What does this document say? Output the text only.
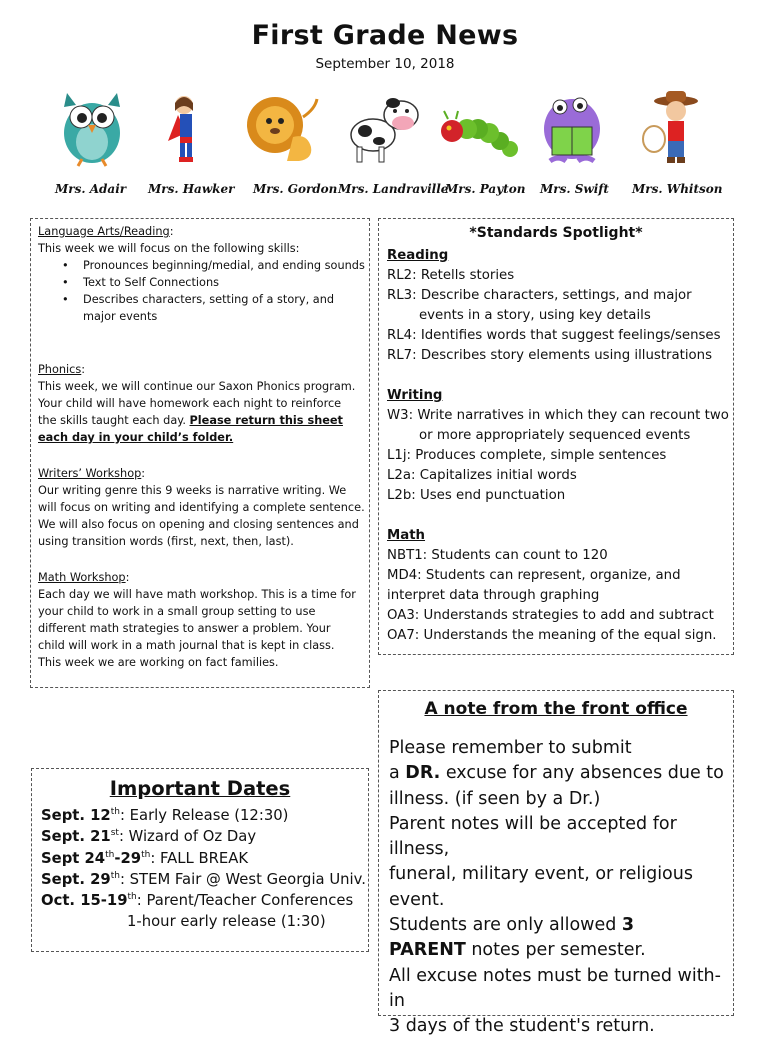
First Grade News
September 10, 2018
Mrs. Adair Mrs. Hawker Mrs. Gordon Mrs. Landraville
Mrs. Payton Mrs. Swift Mrs. Whitson
Language Arts/Reading:
This week we will focus on the following skills:
• Pronounces beginning/medial, and ending sounds
• Text to Self Connections
• Describes characters, setting of a story, and
major events
Phonics:
This week, we will continue our Saxon Phonics program.
Your child will have homework each night to reinforce
the skills taught each day. Please return this sheet
each day in your child’s folder.
Writers’ Workshop:
Our writing genre this 9 weeks is narrative writing. We
will focus on writing and identifying a complete sentence.
We will also focus on opening and closing sentences and
using transition words (first, next, then, last).
Math Workshop:
Each day we will have math workshop. This is a time for
your child to work in a small group setting to use
different math strategies to answer a problem. Your
child will work in a math journal that is kept in class.
This week we are working on fact families.
*Standards Spotlight*
Reading
RL2: Retells stories
RL3: Describe characters, settings, and major events in a story, using key details
RL4: Identifies words that suggest feelings/senses
RL7: Describes story elements using illustrations
Writing
W3: Write narratives in which they can recount two or more appropriately sequenced events
L1j: Produces complete, simple sentences
L2a: Capitalizes initial words
L2b: Uses end punctuation
Math
NBT1: Students can count to 120
MD4: Students can represent, organize, and
interpret data through graphing
OA3: Understands strategies to add and subtract
OA7: Understands the meaning of the equal sign.
A note from the front office
Please remember to submit
a DR. excuse for any absences due to
illness. (if seen by a Dr.)
Parent notes will be accepted for illness,
funeral, military event, or religious
event.
Students are only allowed 3
PARENT notes per semester.
All excuse notes must be turned with-in
3 days of the student's return.
Important Dates
Sept. 12th: Early Release (12:30)
Sept. 21st: Wizard of Oz Day
Sept 24th-29th: FALL BREAK
Sept. 29th: STEM Fair @ West Georgia Univ.
Oct. 15-19th: Parent/Teacher Conferences
1-hour early release (1:30)
